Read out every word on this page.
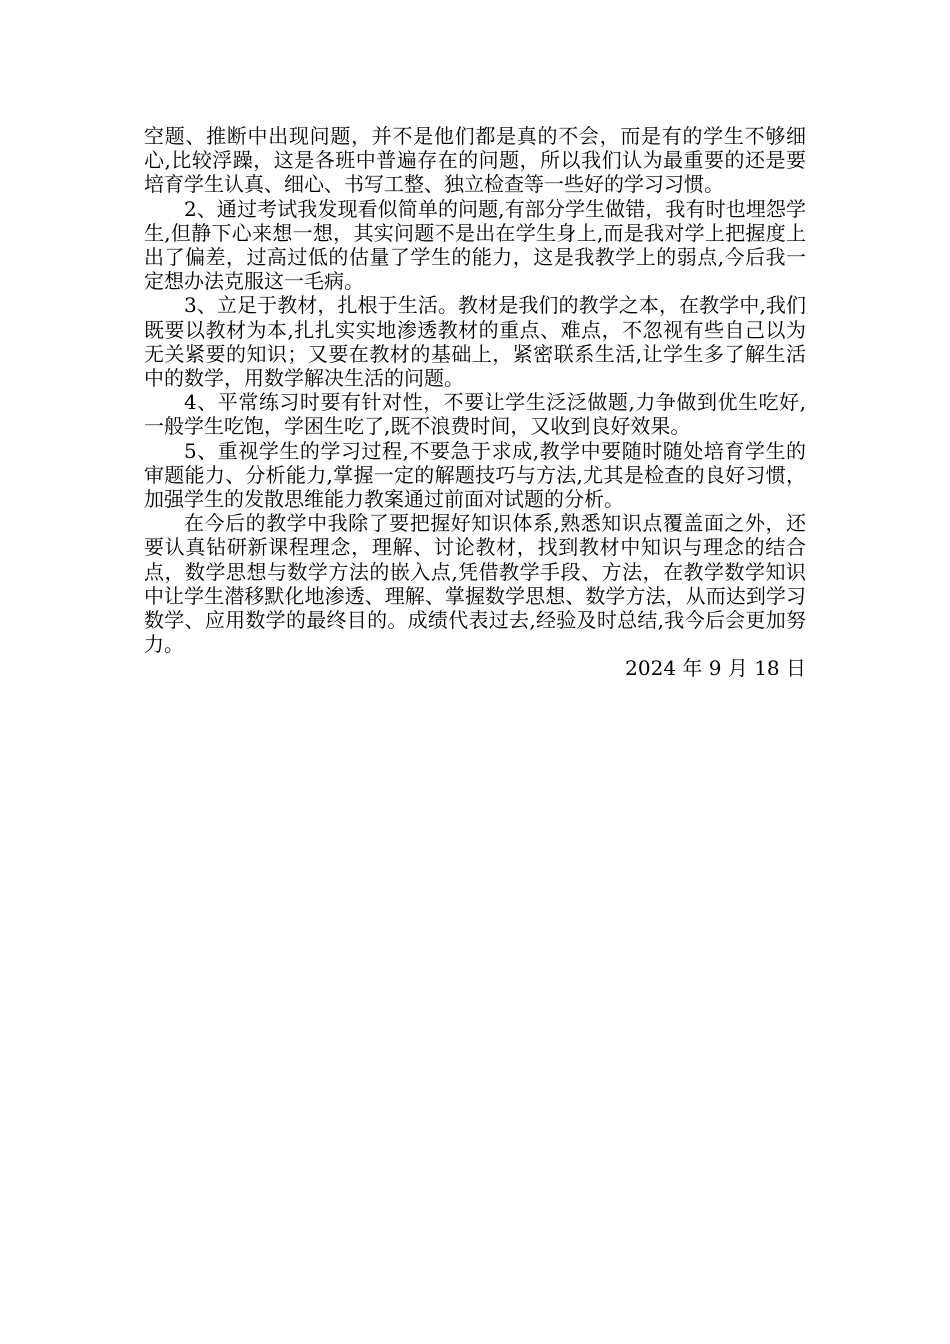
空题、推断中出现问题，并不是他们都是真的不会，而是有的学生不够细心,比较浮躁，这是各班中普遍存在的问题，所以我们认为最重要的还是要培育学生认真、细心、书写工整、独立检查等一些好的学习习惯。

2、通过考试我发现看似简单的问题,有部分学生做错，我有时也埋怨学生,但静下心来想一想，其实问题不是出在学生身上,而是我对学上把握度上出了偏差，过高过低的估量了学生的能力，这是我教学上的弱点,今后我一定想办法克服这一毛病。

3、立足于教材，扎根于生活。教材是我们的教学之本，在教学中,我们既要以教材为本,扎扎实实地渗透教材的重点、难点，不忽视有些自己以为无关紧要的知识；又要在教材的基础上，紧密联系生活,让学生多了解生活中的数学，用数学解决生活的问题。

4、平常练习时要有针对性，不要让学生泛泛做题,力争做到优生吃好,一般学生吃饱，学困生吃了,既不浪费时间，又收到良好效果。

5、重视学生的学习过程,不要急于求成,教学中要随时随处培育学生的审题能力、分析能力,掌握一定的解题技巧与方法,尤其是检查的良好习惯，加强学生的发散思维能力教案通过前面对试题的分析。

在今后的教学中我除了要把握好知识体系,熟悉知识点覆盖面之外，还要认真钻研新课程理念，理解、讨论教材，找到教材中知识与理念的结合点，数学思想与数学方法的嵌入点,凭借教学手段、方法，在教学数学知识中让学生潜移默化地渗透、理解、掌握数学思想、数学方法，从而达到学习数学、应用数学的最终目的。成绩代表过去,经验及时总结,我今后会更加努力。

2024 年 9 月 18 日
